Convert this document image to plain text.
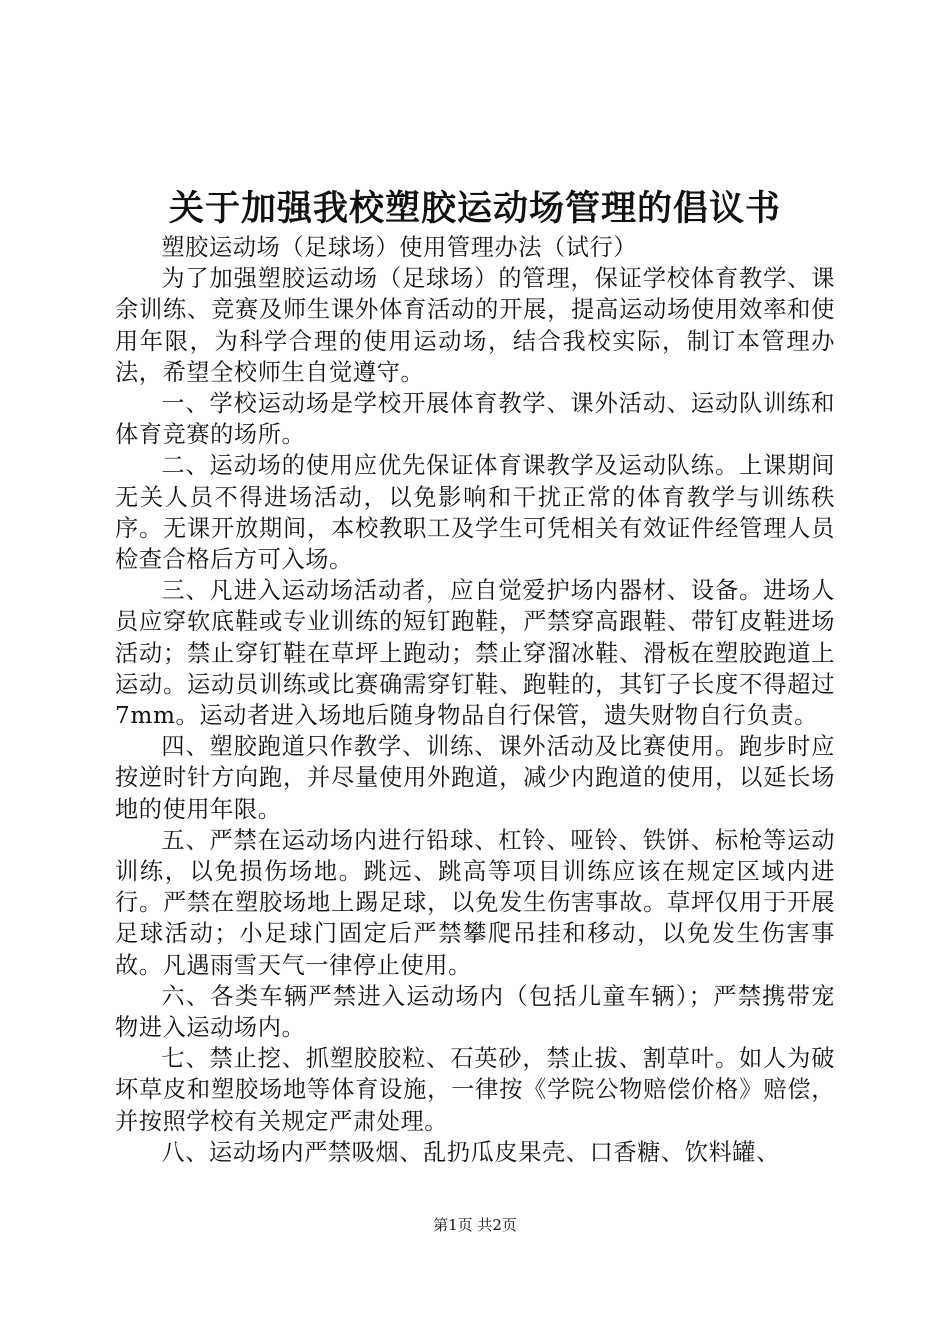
关于加强我校塑胶运动场管理的倡议书

塑胶运动场（足球场）使用管理办法（试行）

为了加强塑胶运动场（足球场）的管理，保证学校体育教学、课余训练、竞赛及师生课外体育活动的开展，提高运动场使用效率和使用年限，为科学合理的使用运动场，结合我校实际，制订本管理办法，希望全校师生自觉遵守。

一、学校运动场是学校开展体育教学、课外活动、运动队训练和体育竞赛的场所。

二、运动场的使用应优先保证体育课教学及运动队练。上课期间无关人员不得进场活动，以免影响和干扰正常的体育教学与训练秩序。无课开放期间，本校教职工及学生可凭相关有效证件经管理人员检查合格后方可入场。

三、凡进入运动场活动者，应自觉爱护场内器材、设备。进场人员应穿软底鞋或专业训练的短钉跑鞋，严禁穿高跟鞋、带钉皮鞋进场活动；禁止穿钉鞋在草坪上跑动；禁止穿溜冰鞋、滑板在塑胶跑道上运动。运动员训练或比赛确需穿钉鞋、跑鞋的，其钉子长度不得超过7mm。运动者进入场地后随身物品自行保管，遗失财物自行负责。

四、塑胶跑道只作教学、训练、课外活动及比赛使用。跑步时应按逆时针方向跑，并尽量使用外跑道，减少内跑道的使用，以延长场地的使用年限。

五、严禁在运动场内进行铅球、杠铃、哑铃、铁饼、标枪等运动训练，以免损伤场地。跳远、跳高等项目训练应该在规定区域内进行。严禁在塑胶场地上踢足球，以免发生伤害事故。草坪仅用于开展足球活动；小足球门固定后严禁攀爬吊挂和移动，以免发生伤害事故。凡遇雨雪天气一律停止使用。

六、各类车辆严禁进入运动场内（包括儿童车辆）；严禁携带宠物进入运动场内。

七、禁止挖、抓塑胶胶粒、石英砂，禁止拔、割草叶。如人为破坏草皮和塑胶场地等体育设施，一律按《学院公物赔偿价格》赔偿，并按照学校有关规定严肃处理。

八、运动场内严禁吸烟、乱扔瓜皮果壳、口香糖、饮料罐、

第1页 共2页
